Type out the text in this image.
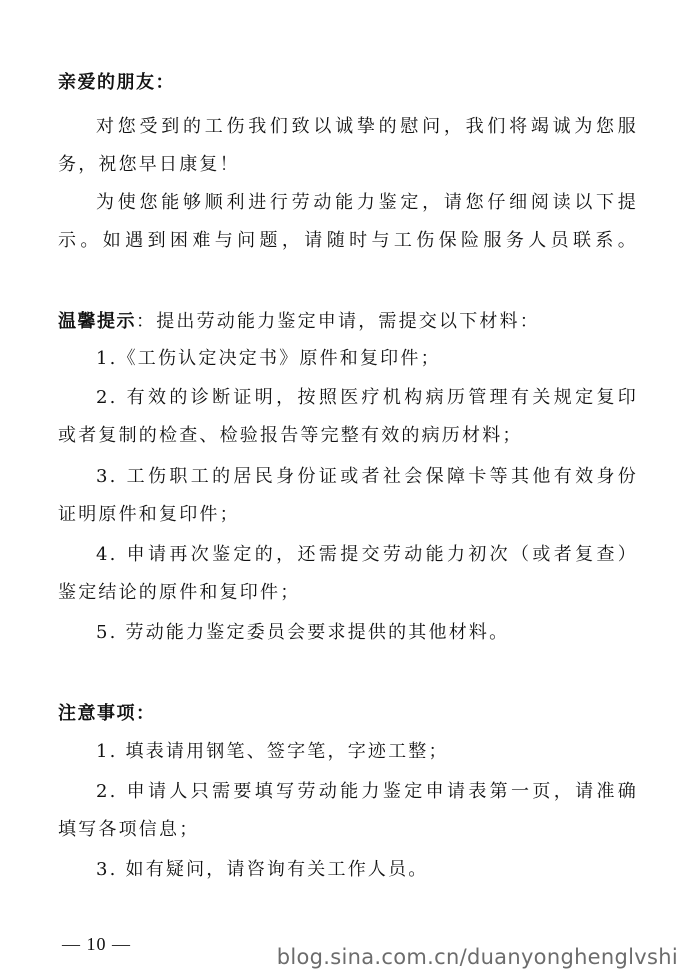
亲爱的朋友：
对您受到的工伤我们致以诚挚的慰问，我们将竭诚为您服
务，祝您早日康复！
为使您能够顺利进行劳动能力鉴定，请您仔细阅读以下提
示。如遇到困难与问题，请随时与工伤保险服务人员联系。
温馨提示：提出劳动能力鉴定申请，需提交以下材料：
1.《工伤认定决定书》原件和复印件；
2. 有效的诊断证明，按照医疗机构病历管理有关规定复印
或者复制的检查、检验报告等完整有效的病历材料；
3. 工伤职工的居民身份证或者社会保障卡等其他有效身份
证明原件和复印件；
4. 申请再次鉴定的，还需提交劳动能力初次（或者复查）
鉴定结论的原件和复印件；
5. 劳动能力鉴定委员会要求提供的其他材料。
注意事项：
1. 填表请用钢笔、签字笔，字迹工整；
2. 申请人只需要填写劳动能力鉴定申请表第一页，请准确
填写各项信息；
3. 如有疑问，请咨询有关工作人员。
— 10 —
blog.sina.com.cn/duanyonghenglvshi
